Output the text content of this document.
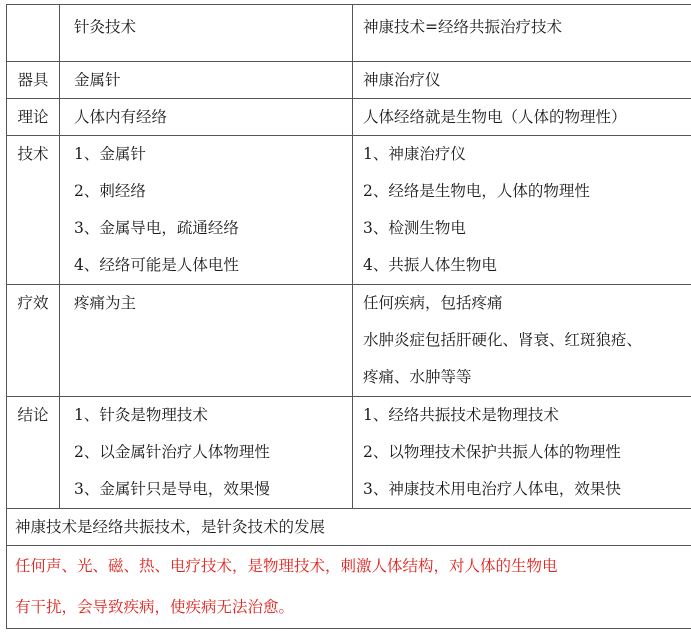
	针灸技术	神康技术=经络共振治疗技术

器具	金属针	神康治疗仪

理论	人体内有经络	人体经络就是生物电（人体的物理性）

技术	1、金属针
2、刺经络
3、金属导电，疏通经络
4、经络可能是人体电性	1、神康治疗仪
2、经络是生物电，人体的物理性
3、检测生物电
4、共振人体生物电

疗效	疼痛为主	任何疾病，包括疼痛
水肿炎症包括肝硬化、肾衰、红斑狼疮、
疼痛、水肿等等

结论	1、针灸是物理技术
2、以金属针治疗人体物理性
3、金属针只是导电，效果慢	1、经络共振技术是物理技术
2、以物理技术保护共振人体的物理性
3、神康技术用电治疗人体电，效果快

神康技术是经络共振技术，是针灸技术的发展		

任何声、光、磁、热、电疗技术，是物理技术，刺激人体结构，对人体的生物电
有干扰，会导致疾病，使疾病无法治愈。		
